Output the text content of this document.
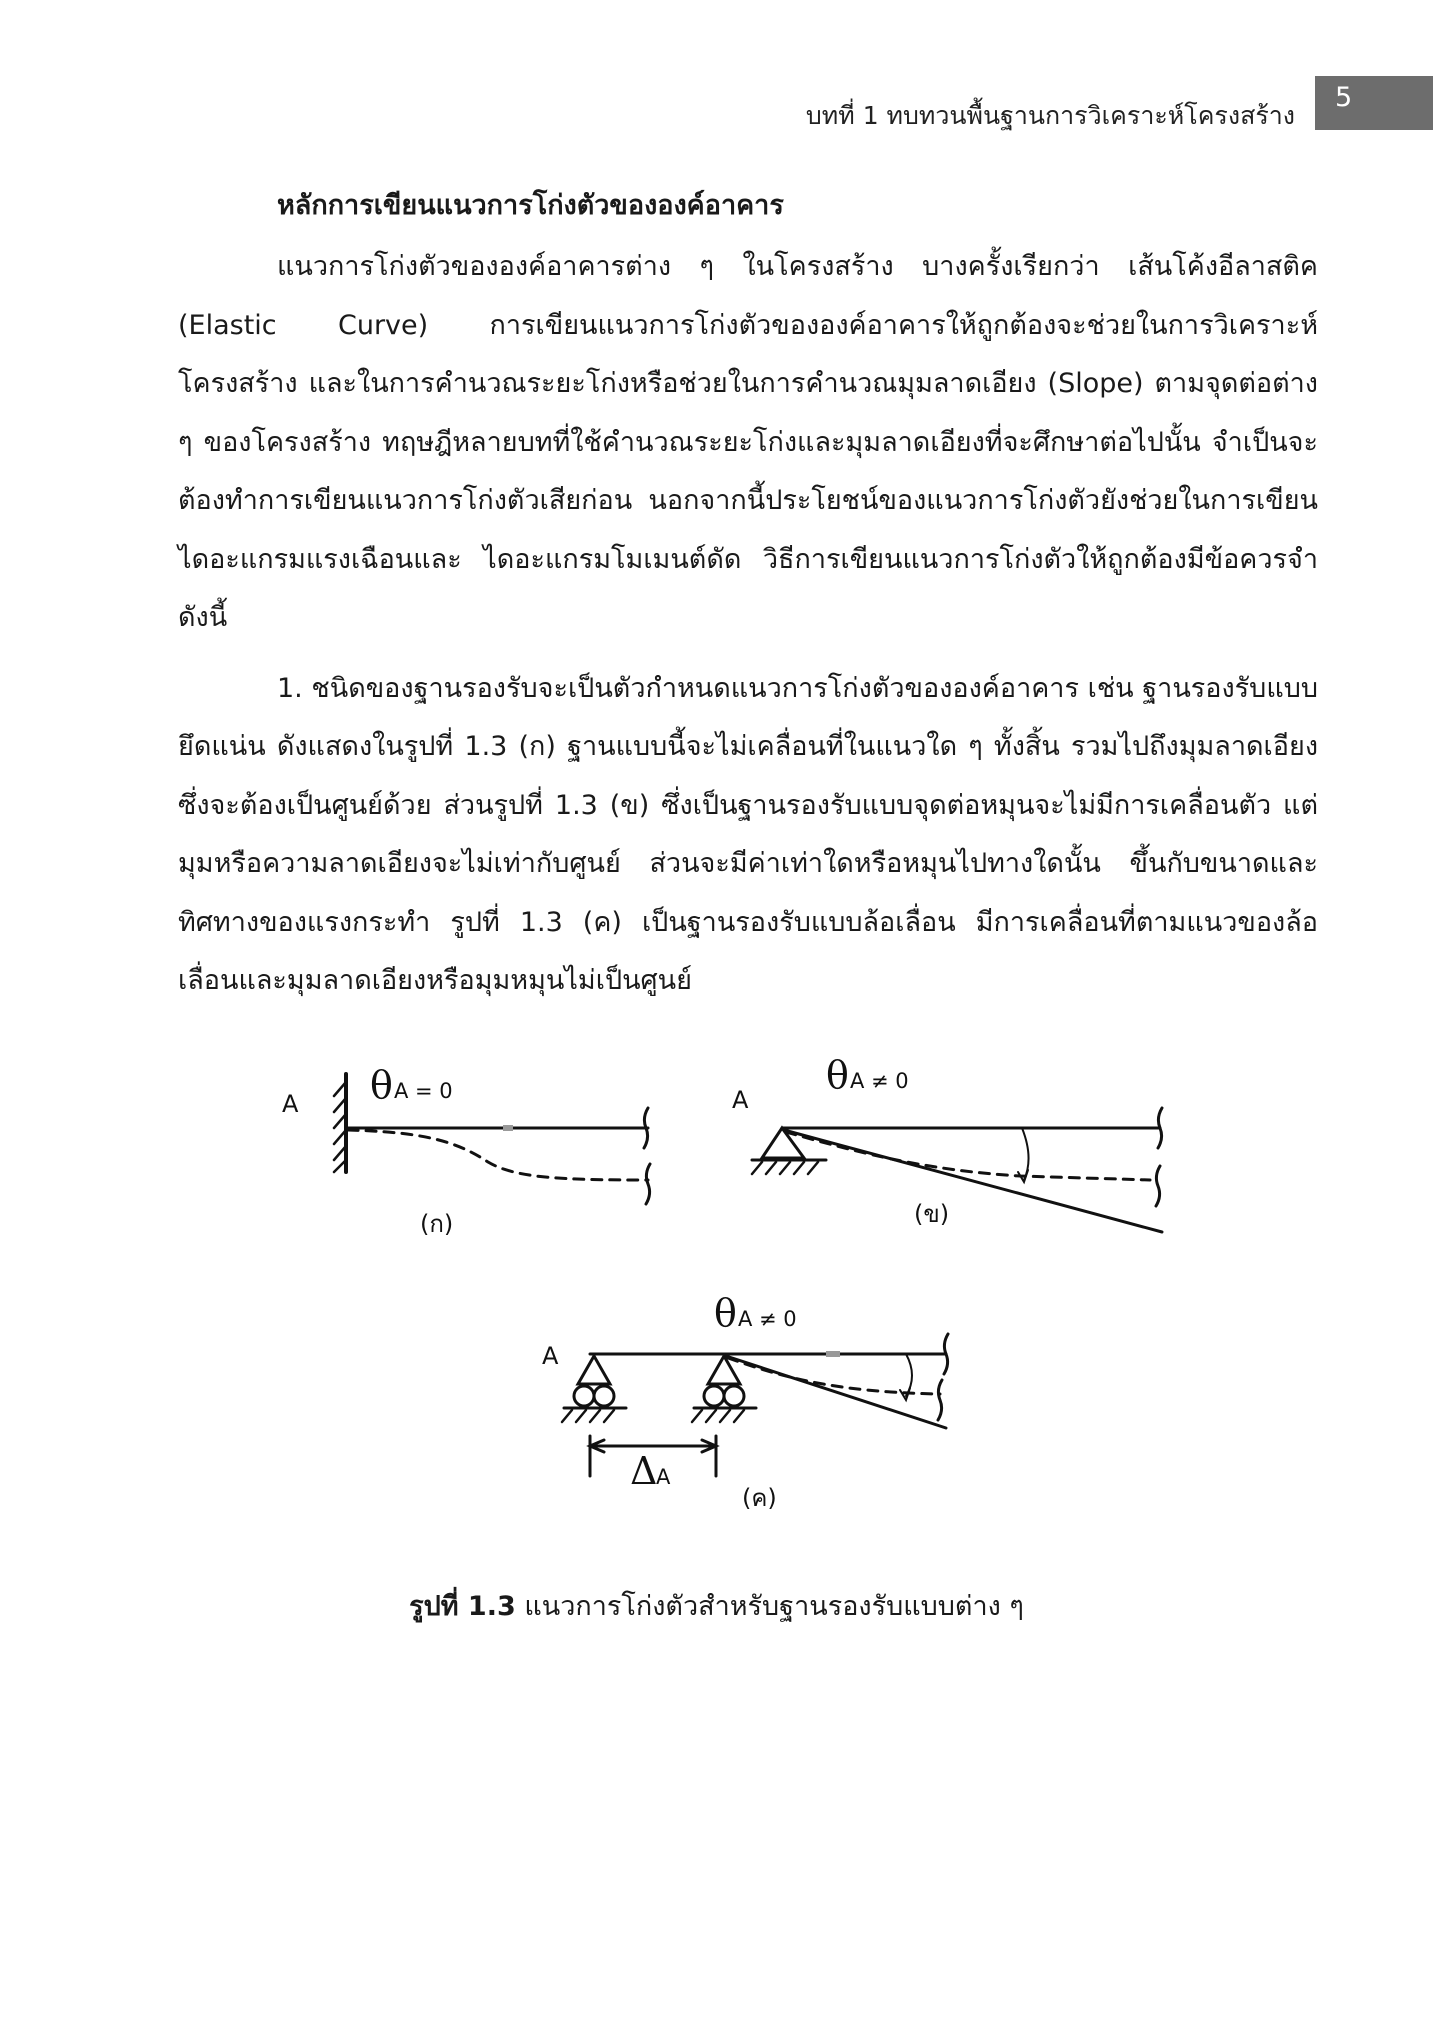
บทที่ 1 ทบทวนพื้นฐานการวิเคราะห์โครงสร้าง
5

หลักการเขียนแนวการโก่งตัวขององค์อาคาร

แนวการโก่งตัวขององค์อาคารต่าง ๆ ในโครงสร้าง บางครั้งเรียกว่า เส้นโค้งอีลาสติค (Elastic Curve) การเขียนแนวการโก่งตัวขององค์อาคารให้ถูกต้องจะช่วยในการวิเคราะห์โครงสร้าง และในการคำนวณระยะโก่งหรือช่วยในการคำนวณมุมลาดเอียง (Slope) ตามจุดต่อต่าง ๆ ของโครงสร้าง ทฤษฎีหลายบทที่ใช้คำนวณระยะโก่งและมุมลาดเอียงที่จะศึกษาต่อไปนั้น จำเป็นจะต้องทำการเขียนแนวการโก่งตัวเสียก่อน นอกจากนี้ประโยชน์ของแนวการโก่งตัวยังช่วยในการเขียนไดอะแกรมแรงเฉือนและ ไดอะแกรมโมเมนต์ดัด วิธีการเขียนแนวการโก่งตัวให้ถูกต้องมีข้อควรจำดังนี้

1. ชนิดของฐานรองรับจะเป็นตัวกำหนดแนวการโก่งตัวขององค์อาคาร เช่น ฐานรองรับแบบยึดแน่น ดังแสดงในรูปที่ 1.3 (ก) ฐานแบบนี้จะไม่เคลื่อนที่ในแนวใด ๆ ทั้งสิ้น รวมไปถึงมุมลาดเอียงซึ่งจะต้องเป็นศูนย์ด้วย ส่วนรูปที่ 1.3 (ข) ซึ่งเป็นฐานรองรับแบบจุดต่อหมุนจะไม่มีการเคลื่อนตัว แต่มุมหรือความลาดเอียงจะไม่เท่ากับศูนย์ ส่วนจะมีค่าเท่าใดหรือหมุนไปทางใดนั้น ขึ้นกับขนาดและทิศทางของแรงกระทำ รูปที่ 1.3 (ค) เป็นฐานรองรับแบบล้อเลื่อน มีการเคลื่อนที่ตามแนวของล้อเลื่อนและมุมลาดเอียงหรือมุมหมุนไม่เป็นศูนย์

A θ A = 0
(ก)
A
θ A ≠ 0
(ข)
A
θ A ≠ 0
Δ
A
(ค)
รูปที่ 1.3 แนวการโก่งตัวสำหรับฐานรองรับแบบต่าง ๆ
